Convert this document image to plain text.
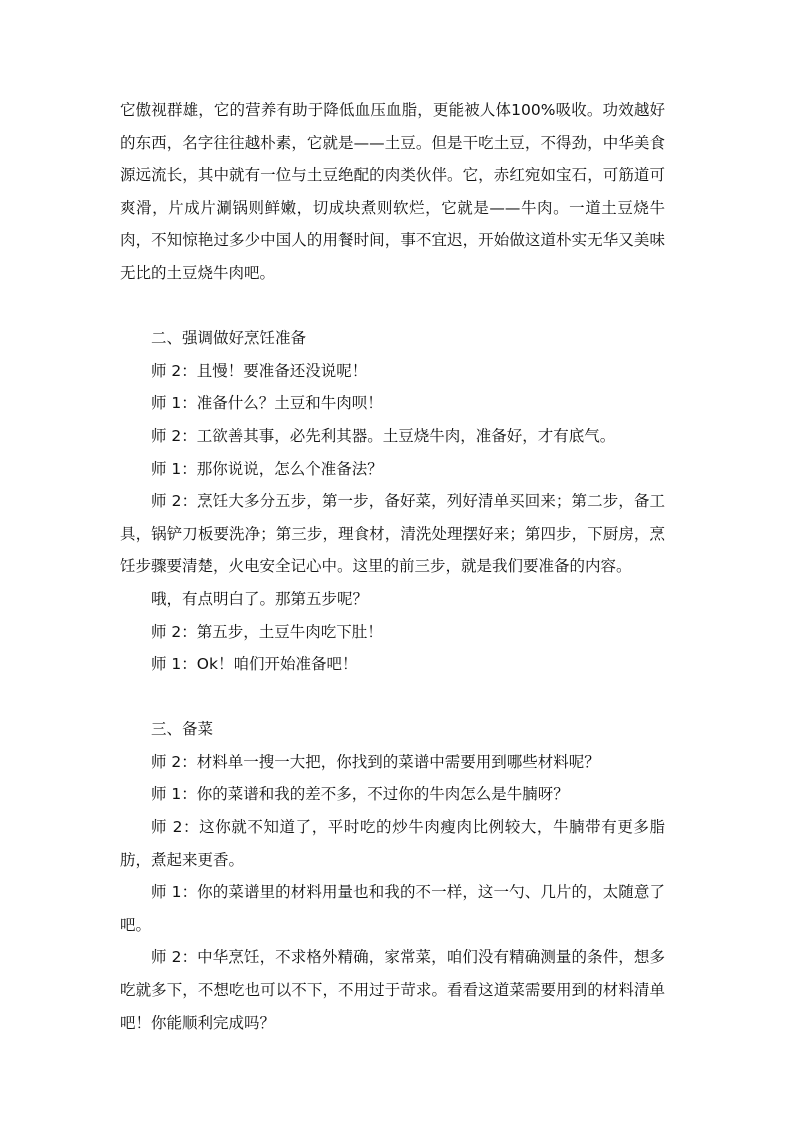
它傲视群雄，它的营养有助于降低血压血脂，更能被人体100%吸收。功效越好的东西，名字往往越朴素，它就是——土豆。但是干吃土豆，不得劲，中华美食源远流长，其中就有一位与土豆绝配的肉类伙伴。它，赤红宛如宝石，可筋道可爽滑，片成片涮锅则鲜嫩，切成块煮则软烂，它就是——牛肉。一道土豆烧牛肉，不知惊艳过多少中国人的用餐时间，事不宜迟，开始做这道朴实无华又美味无比的土豆烧牛肉吧。

二、强调做好烹饪准备

师 2：且慢！要准备还没说呢！

师 1：准备什么？土豆和牛肉呗！

师 2：工欲善其事，必先利其器。土豆烧牛肉，准备好，才有底气。

师 1：那你说说，怎么个准备法？

师 2：烹饪大多分五步，第一步，备好菜，列好清单买回来；第二步，备工具，锅铲刀板要洗净；第三步，理食材，清洗处理摆好来；第四步，下厨房，烹饪步骤要清楚，火电安全记心中。这里的前三步，就是我们要准备的内容。

哦，有点明白了。那第五步呢？

师 2：第五步，土豆牛肉吃下肚！

师 1：Ok！咱们开始准备吧！

三、备菜

师 2：材料单一搜一大把，你找到的菜谱中需要用到哪些材料呢？

师 1：你的菜谱和我的差不多，不过你的牛肉怎么是牛腩呀？

师 2：这你就不知道了，平时吃的炒牛肉瘦肉比例较大，牛腩带有更多脂肪，煮起来更香。

师 1：你的菜谱里的材料用量也和我的不一样，这一勺、几片的，太随意了吧。

师 2：中华烹饪，不求格外精确，家常菜，咱们没有精确测量的条件，想多吃就多下，不想吃也可以不下，不用过于苛求。看看这道菜需要用到的材料清单吧！你能顺利完成吗？
